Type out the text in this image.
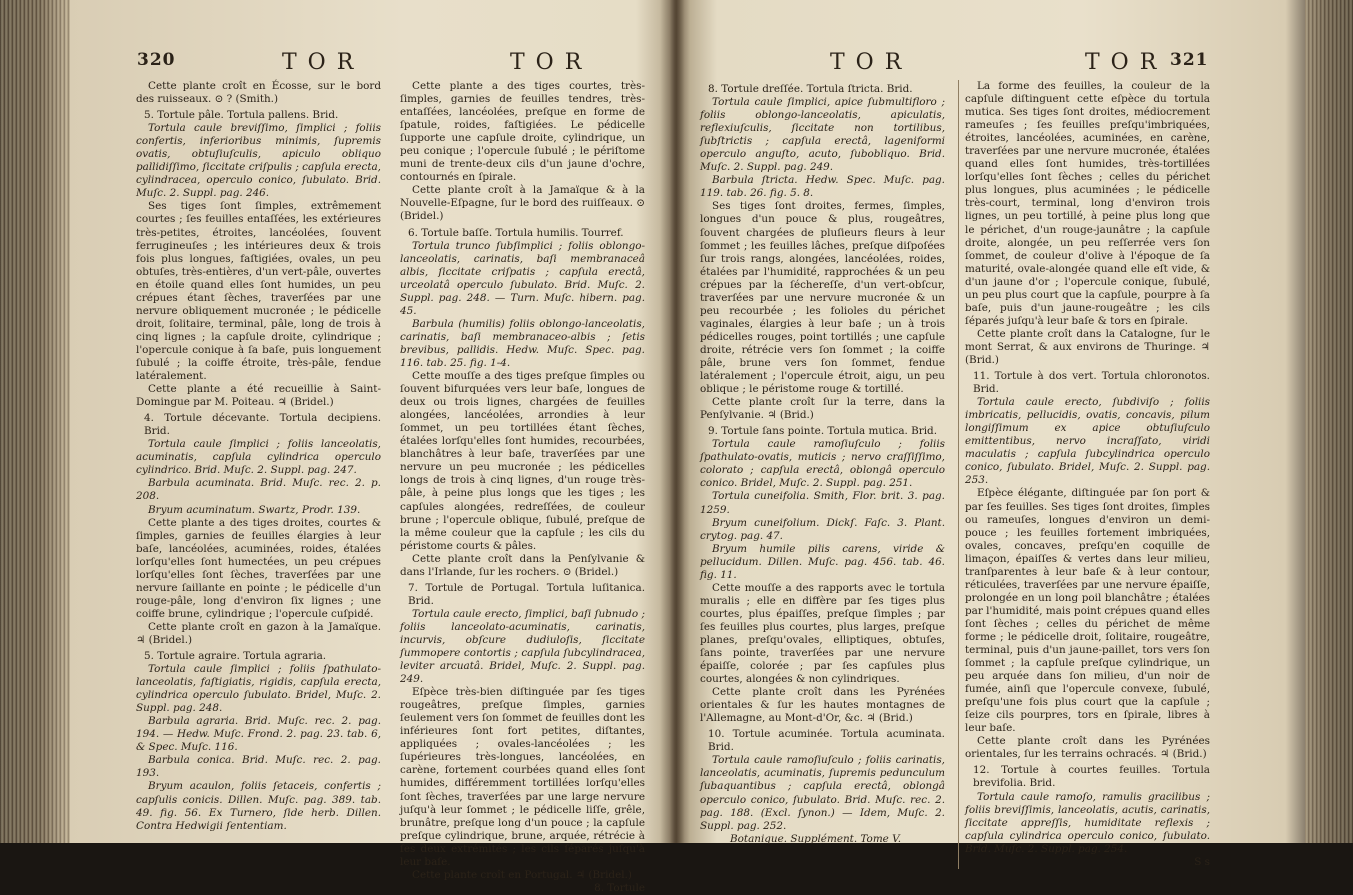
320	TOR	TOR

Cette plante croît en Écosse, sur le bord des ruisseaux. ⊙ ? (Smith.)

5. Tortule pâle. Tortula pallens. Brid.

Tortula caule breviſſimo, ſimplici ; foliis confertis, inferioribus minimis, ſupremis ovatis, obtuſiuſculis, apiculo obliquo pallidiſſimo, ſiccitate criſpulis ; capſula erecta, cylindracea, operculo conico, ſubulato. Brid. Muſc. 2. Suppl. pag. 246.

Ses tiges ſont ſimples, extrêmement courtes ; ſes feuilles entaſſées, les extérieures très-petites, étroites, lancéolées, ſouvent ferrugineuſes ; les intérieures deux & trois fois plus longues, faſtigiées, ovales, un peu obtuſes, très-entières, d'un vert-pâle, ouvertes en étoile quand elles ſont humides, un peu crépues étant ſèches, traverſées par une nervure obliquement mucronée ; le pédicelle droit, ſolitaire, terminal, pâle, long de trois à cinq lignes ; la capſule droite, cylindrique ; l'opercule conique à ſa baſe, puis longuement ſubulé ; la coiffe étroite, très-pâle, fendue latéralement.

Cette plante a été recueillie à Saint-Domingue par M. Poiteau. ♃ (Bridel.)

4. Tortule décevante. Tortula decipiens. Brid.

Tortula caule ſimplici ; foliis lanceolatis, acuminatis, capſula cylindrica operculo cylindrico. Brid. Muſc. 2. Suppl. pag. 247.

Barbula acuminata. Brid. Muſc. rec. 2. p. 208.

Bryum acuminatum. Swartz, Prodr. 139.

Cette plante a des tiges droites, courtes & ſimples, garnies de feuilles élargies à leur baſe, lancéolées, acuminées, roides, étalées lorſqu'elles ſont humectées, un peu crépues lorſqu'elles ſont ſèches, traverſées par une nervure ſaillante en pointe ; le pédicelle d'un rouge-pâle, long d'environ ſix lignes ; une coiffe brune, cylindrique ; l'opercule cuſpidé.

Cette plante croît en gazon à la Jamaïque. ♃ (Bridel.)

5. Tortule agraire. Tortula agraria.

Tortula caule ſimplici ; foliis ſpathulato-lanceolatis, faſtigiatis, rigidis, capſula erecta, cylindrica operculo ſubulato. Bridel, Muſc. 2. Suppl. pag. 248.

Barbula agraria. Brid. Muſc. rec. 2. pag. 194. — Hedw. Muſc. Frond. 2. pag. 23. tab. 6, & Spec. Muſc. 116.

Barbula conica. Brid. Muſc. rec. 2. pag. 193.

Bryum acaulon, foliis ſetaceis, confertis ; capſulis conicis. Dillen. Muſc. pag. 389. tab. 49. fig. 56. Ex Turnero, ſide herb. Dillen. Contra Hedwigii ſententiam.

Cette plante a des tiges courtes, très-ſimples, garnies de feuilles tendres, très-entaſſées, lancéolées, preſque en forme de ſpatule, roides, faſtigiées. Le pédicelle ſupporte une capſule droite, cylindrique, un peu conique ; l'opercule ſubulé ; le périſtome muni de trente-deux cils d'un jaune d'ochre, contournés en ſpirale.

Cette plante croît à la Jamaïque & à la Nouvelle-Eſpagne, ſur le bord des ruiſſeaux. ⊙ (Bridel.)

6. Tortule baſſe. Tortula humilis. Tourref.

Tortula trunco ſubſimplici ; foliis oblongo-lanceolatis, carinatis, baſi membranaceâ albis, ſiccitate criſpatis ; capſula erectâ, urceolatâ operculo ſubulato. Brid. Muſc. 2. Suppl. pag. 248. — Turn. Muſc. hibern. pag. 45.

Barbula (humilis) foliis oblongo-lanceolatis, carinatis, baſi membranaceo-albis ; ſetis brevibus, pallidis. Hedw. Muſc. Spec. pag. 116. tab. 25. fig. 1-4.

Cette mouſſe a des tiges preſque ſimples ou ſouvent bifurquées vers leur baſe, longues de deux ou trois lignes, chargées de feuilles alongées, lancéolées, arrondies à leur ſommet, un peu tortillées étant ſèches, étalées lorſqu'elles ſont humides, recourbées, blanchâtres à leur baſe, traverſées par une nervure un peu mucronée ; les pédicelles longs de trois à cinq lignes, d'un rouge très-pâle, à peine plus longs que les tiges ; les capſules alongées, redreſſées, de couleur brune ; l'opercule oblique, ſubulé, preſque de la même couleur que la capſule ; les cils du péristome courts & pâles.

Cette plante croît dans la Penſylvanie & dans l'Irlande, ſur les rochers. ⊙ (Bridel.)

7. Tortule de Portugal. Tortula luſitanica. Brid.

Tortula caule erecto, ſimplici, baſi ſubnudo ; foliis lanceolato-acuminatis, carinatis, incurvis, obſcure dudiuloſis, ſiccitate ſummopere contortis ; capſula ſubcylindracea, leviter arcuatâ. Bridel, Muſc. 2. Suppl. pag. 249.

Eſpèce très-bien diſtinguée par ſes tiges rougeâtres, preſque ſimples, garnies ſeulement vers ſon ſommet de feuilles dont les inférieures ſont fort petites, diſtantes, appliquées ; ovales-lancéolées ; les ſupérieures très-longues, lancéolées, en carène, fortement courbées quand elles ſont humides, différemment tortillées lorſqu'elles ſont ſèches, traverſées par une large nervure juſqu'à leur ſommet ; le pédicelle liſſe, grêle, brunâtre, preſque long d'un pouce ; la capſule preſque cylindrique, brune, arquée, rétrécie à ſes deux extrémités ; les cils ſéparés juſqu'à leur baſe.

Cette plante croît en Portugal. ♃ (Bridel.)

8. Tortule

TOR	TOR 321

8. Tortule dreſſée. Tortula ſtricta. Brid.

Tortula caule ſimplici, apice ſubmultifloro ; foliis oblongo-lanceolatis, apiculatis, reflexiuſculis, ſiccitate non tortilibus, ſubſtrictis ; capſula erectâ, lageniformi operculo anguſto, acuto, ſubobliquo. Brid. Muſc. 2. Suppl. pag. 249.

Barbula ſtricta. Hedw. Spec. Muſc. pag. 119. tab. 26. fig. 5. 8.

Ses tiges ſont droites, fermes, ſimples, longues d'un pouce & plus, rougeâtres, ſouvent chargées de pluſieurs fleurs à leur ſommet ; les feuilles lâches, preſque diſpoſées ſur trois rangs, alongées, lancéolées, roides, étalées par l'humidité, rapprochées & un peu crépues par la ſéchereſſe, d'un vert-obſcur, traverſées par une nervure mucronée & un peu recourbée ; les folioles du périchet vaginales, élargies à leur baſe ; un à trois pédicelles rouges, point tortillés ; une capſule droite, rétrécie vers ſon ſommet ; la coiffe pâle, brune vers ſon ſommet, fendue latéralement ; l'opercule étroit, aigu, un peu oblique ; le péristome rouge & tortillé.

Cette plante croît ſur la terre, dans la Penſylvanie. ♃ (Brid.)

9. Tortule ſans pointe. Tortula mutica. Brid.

Tortula caule ramoſiuſculo ; foliis ſpathulato-ovatis, muticis ; nervo craſſiſſimo, colorato ; capſula erectâ, oblongâ operculo conico. Bridel, Muſc. 2. Suppl. pag. 251.

Tortula cuneifolia. Smith, Flor. brit. 3. pag. 1259.

Bryum cuneifolium. Dickſ. Faſc. 3. Plant. crytog. pag. 47.

Bryum humile pilis carens, viride & pellucidum. Dillen. Muſc. pag. 456. tab. 46. fig. 11.

Cette mouſſe a des rapports avec le tortula muralis ; elle en diffère par ſes tiges plus courtes, plus épaiſſes, preſque ſimples ; par ſes feuilles plus courtes, plus larges, preſque planes, preſqu'ovales, elliptiques, obtuſes, ſans pointe, traverſées par une nervure épaiſſe, colorée ; par ſes capſules plus courtes, alongées & non cylindriques.

Cette plante croît dans les Pyrénées orientales & ſur les hautes montagnes de l'Allemagne, au Mont-d'Or, &c. ♃ (Brid.)

10. Tortule acuminée. Tortula acuminata. Brid.

Tortula caule ramoſiuſculo ; foliis carinatis, lanceolatis, acuminatis, ſupremis pedunculum ſubaquantibus ; capſula erectâ, oblongâ operculo conico, ſubulato. Brid. Muſc. rec. 2. pag. 188. (Excl. ſynon.) — Idem, Muſc. 2. Suppl. pag. 252.

Botanique. Supplément. Tome V.

La forme des feuilles, la couleur de la capſule diſtinguent cette eſpèce du tortula mutica. Ses tiges ſont droites, médiocrement rameuſes ; ſes feuilles preſqu'imbriquées, étroites, lancéolées, acuminées, en carène, traverſées par une nervure mucronée, étalées quand elles ſont humides, très-tortillées lorſqu'elles ſont ſèches ; celles du périchet plus longues, plus acuminées ; le pédicelle très-court, terminal, long d'environ trois lignes, un peu tortillé, à peine plus long que le périchet, d'un rouge-jaunâtre ; la capſule droite, alongée, un peu reſſerrée vers ſon ſommet, de couleur d'olive à l'époque de ſa maturité, ovale-alongée quand elle eſt vide, & d'un jaune d'or ; l'opercule conique, ſubulé, un peu plus court que la capſule, pourpre à ſa baſe, puis d'un jaune-rougeâtre ; les cils ſéparés juſqu'à leur baſe & tors en ſpirale.

Cette plante croît dans la Catalogne, ſur le mont Serrat, & aux environs de Thuringe. ♃ (Brid.)

11. Tortule à dos vert. Tortula chloronotos. Brid.

Tortula caule erecto, ſubdiviſo ; foliis imbricatis, pellucidis, ovatis, concavis, pilum longiſſimum ex apice obtuſiuſculo emittentibus, nervo incraſſato, viridi maculatis ; capſula ſubcylindrica operculo conico, ſubulato. Bridel, Muſc. 2. Suppl. pag. 253.

Eſpèce élégante, diſtinguée par ſon port & par ſes feuilles. Ses tiges ſont droites, ſimples ou rameuſes, longues d'environ un demi-pouce ; les feuilles fortement imbriquées, ovales, concaves, preſqu'en coquille de limaçon, épaiſſes & vertes dans leur milieu, tranſparentes à leur baſe & à leur contour, réticulées, traverſées par une nervure épaiſſe, prolongée en un long poil blanchâtre ; étalées par l'humidité, mais point crépues quand elles ſont ſèches ; celles du périchet de même forme ; le pédicelle droit, ſolitaire, rougeâtre, terminal, puis d'un jaune-paillet, tors vers ſon ſommet ; la capſule preſque cylindrique, un peu arquée dans ſon milieu, d'un noir de fumée, ainſi que l'opercule convexe, ſubulé, preſqu'une fois plus court que la capſule ; ſeize cils pourpres, tors en ſpirale, libres à leur baſe.

Cette plante croît dans les Pyrénées orientales, ſur les terrains ochracés. ♃ (Brid.)

12. Tortule à courtes feuilles. Tortula brevifolia. Brid.

Tortula caule ramoſo, ramulis gracilibus ; foliis breviſſimis, lanceolatis, acutis, carinatis, ſiccitate appreſſis, humiditate reflexis ; capſula cylindrica operculo conico, ſubulato. Brid. Muſc. 2. Suppl. pag. 254.

S s
